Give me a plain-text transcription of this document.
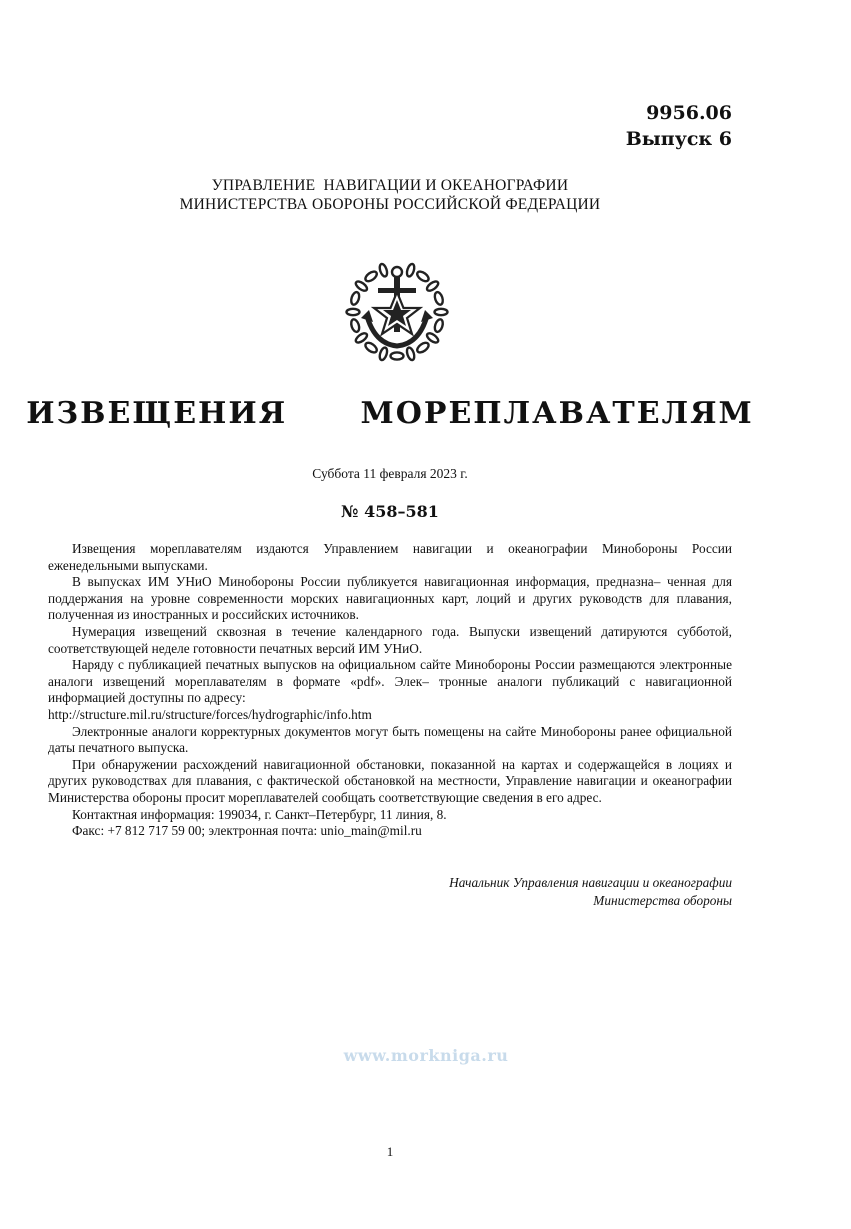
9956.06
Выпуск 6
УПРАВЛЕНИЕ  НАВИГАЦИИ И ОКЕАНОГРАФИИ
МИНИСТЕРСТВА ОБОРОНЫ РОССИЙСКОЙ ФЕДЕРАЦИИ
ИЗВЕЩЕНИЯ   МОРЕПЛАВАТЕЛЯМ
Суббота 11 февраля 2023 г.
№ 458–581

Извещения мореплавателям издаются Управлением навигации и океанографии Минобороны России еженедельными выпусками.

В выпусках ИМ УНиО Минобороны России публикуется навигационная информация, предназна– ченная для поддержания на уровне современности морских навигационных карт, лоций и других руководств для плавания, полученная из иностранных и российских источников.

Нумерация извещений сквозная в течение календарного года. Выпуски извещений датируются субботой, соответствующей неделе готовности печатных версий ИМ УНиО.

Наряду с публикацией печатных выпусков на официальном сайте Минобороны России размещаются электронные аналоги извещений мореплавателям в формате «pdf». Элек– тронные аналоги публикаций с навигационной информацией доступны по адресу:

http://structure.mil.ru/structure/forces/hydrographic/info.htm

Электронные аналоги корректурных документов могут быть помещены на сайте Минобороны ранее официальной даты печатного выпуска.

При обнаружении расхождений навигационной обстановки, показанной на картах и содержащейся в лоциях и других руководствах для плавания, с фактической обстановкой на местности, Управление навигации и океанографии Министерства обороны просит мореплавателей сообщать соответствующие сведения в его адрес.

Контактная информация: 199034, г. Санкт–Петербург, 11 линия, 8.

Факс: +7 812 717 59 00; электронная почта: unio_main@mil.ru

Начальник Управления навигации и океанографии
Министерства обороны
www.morkniga.ru
1
